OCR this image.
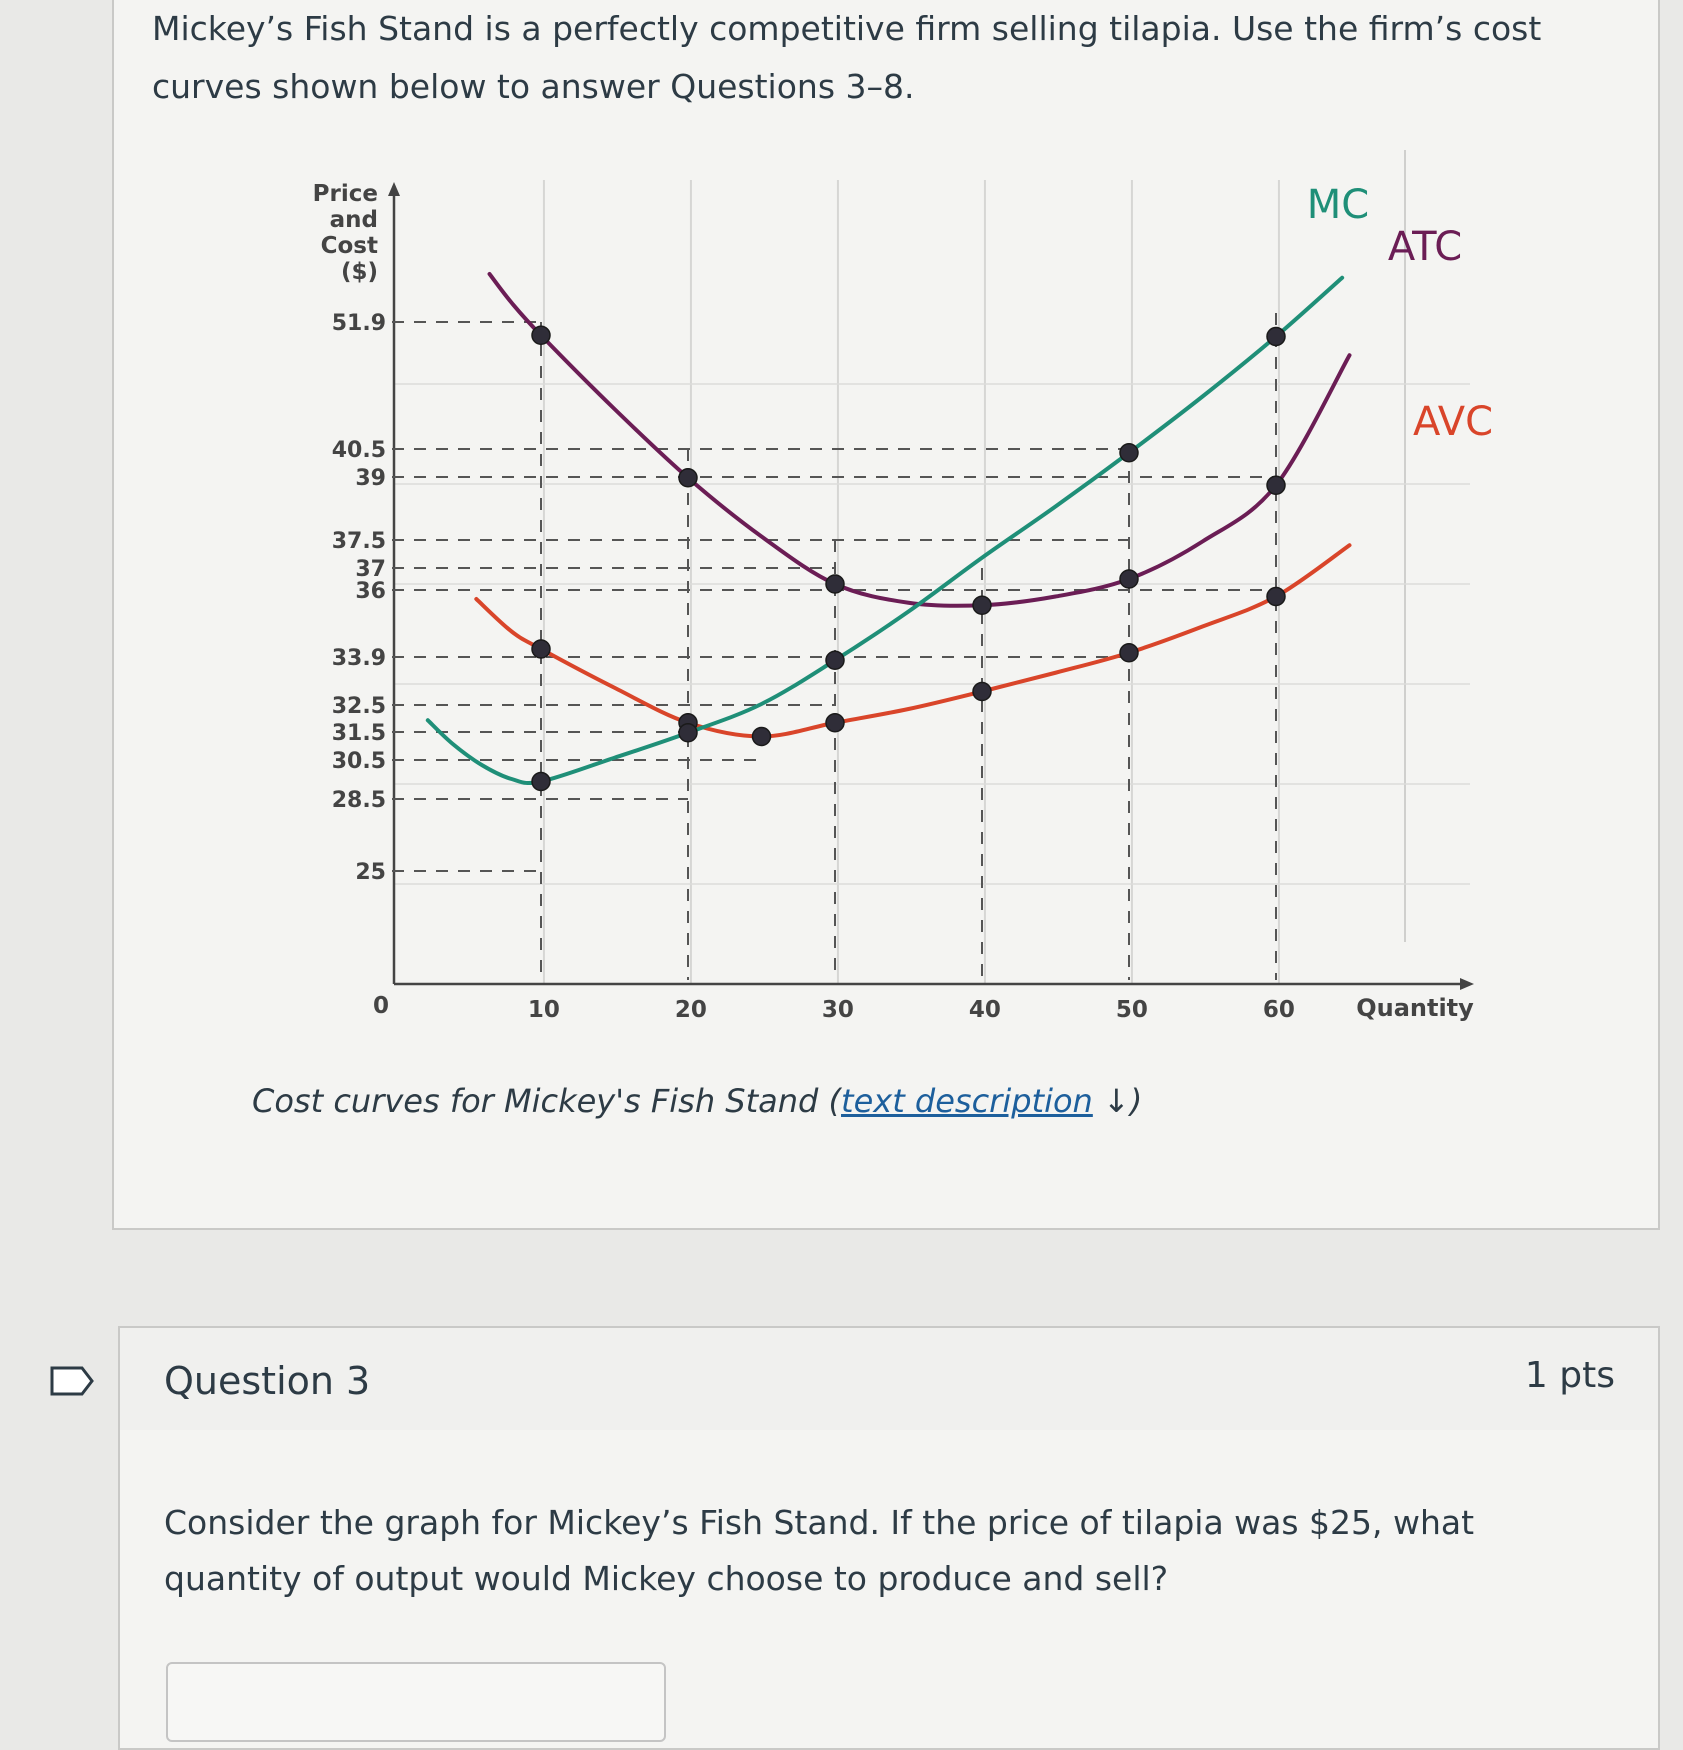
Mickey’s Fish Stand is a perfectly competitive firm selling tilapia. Use the firm’s cost curves shown below to answer Questions 3–8.

Price
and
Cost
($)
Quantity
0
51.9
40.5
39
37.5
37
36
33.9
32.5
31.5
30.5
28.5
25
10	20	30	40	50	60
MC
ATC
AVC
Cost curves for Mickey's Fish Stand (text description ↓)
Question 3	1 pts

Consider the graph for Mickey’s Fish Stand. If the price of tilapia was $25, what quantity of output would Mickey choose to produce and sell?
